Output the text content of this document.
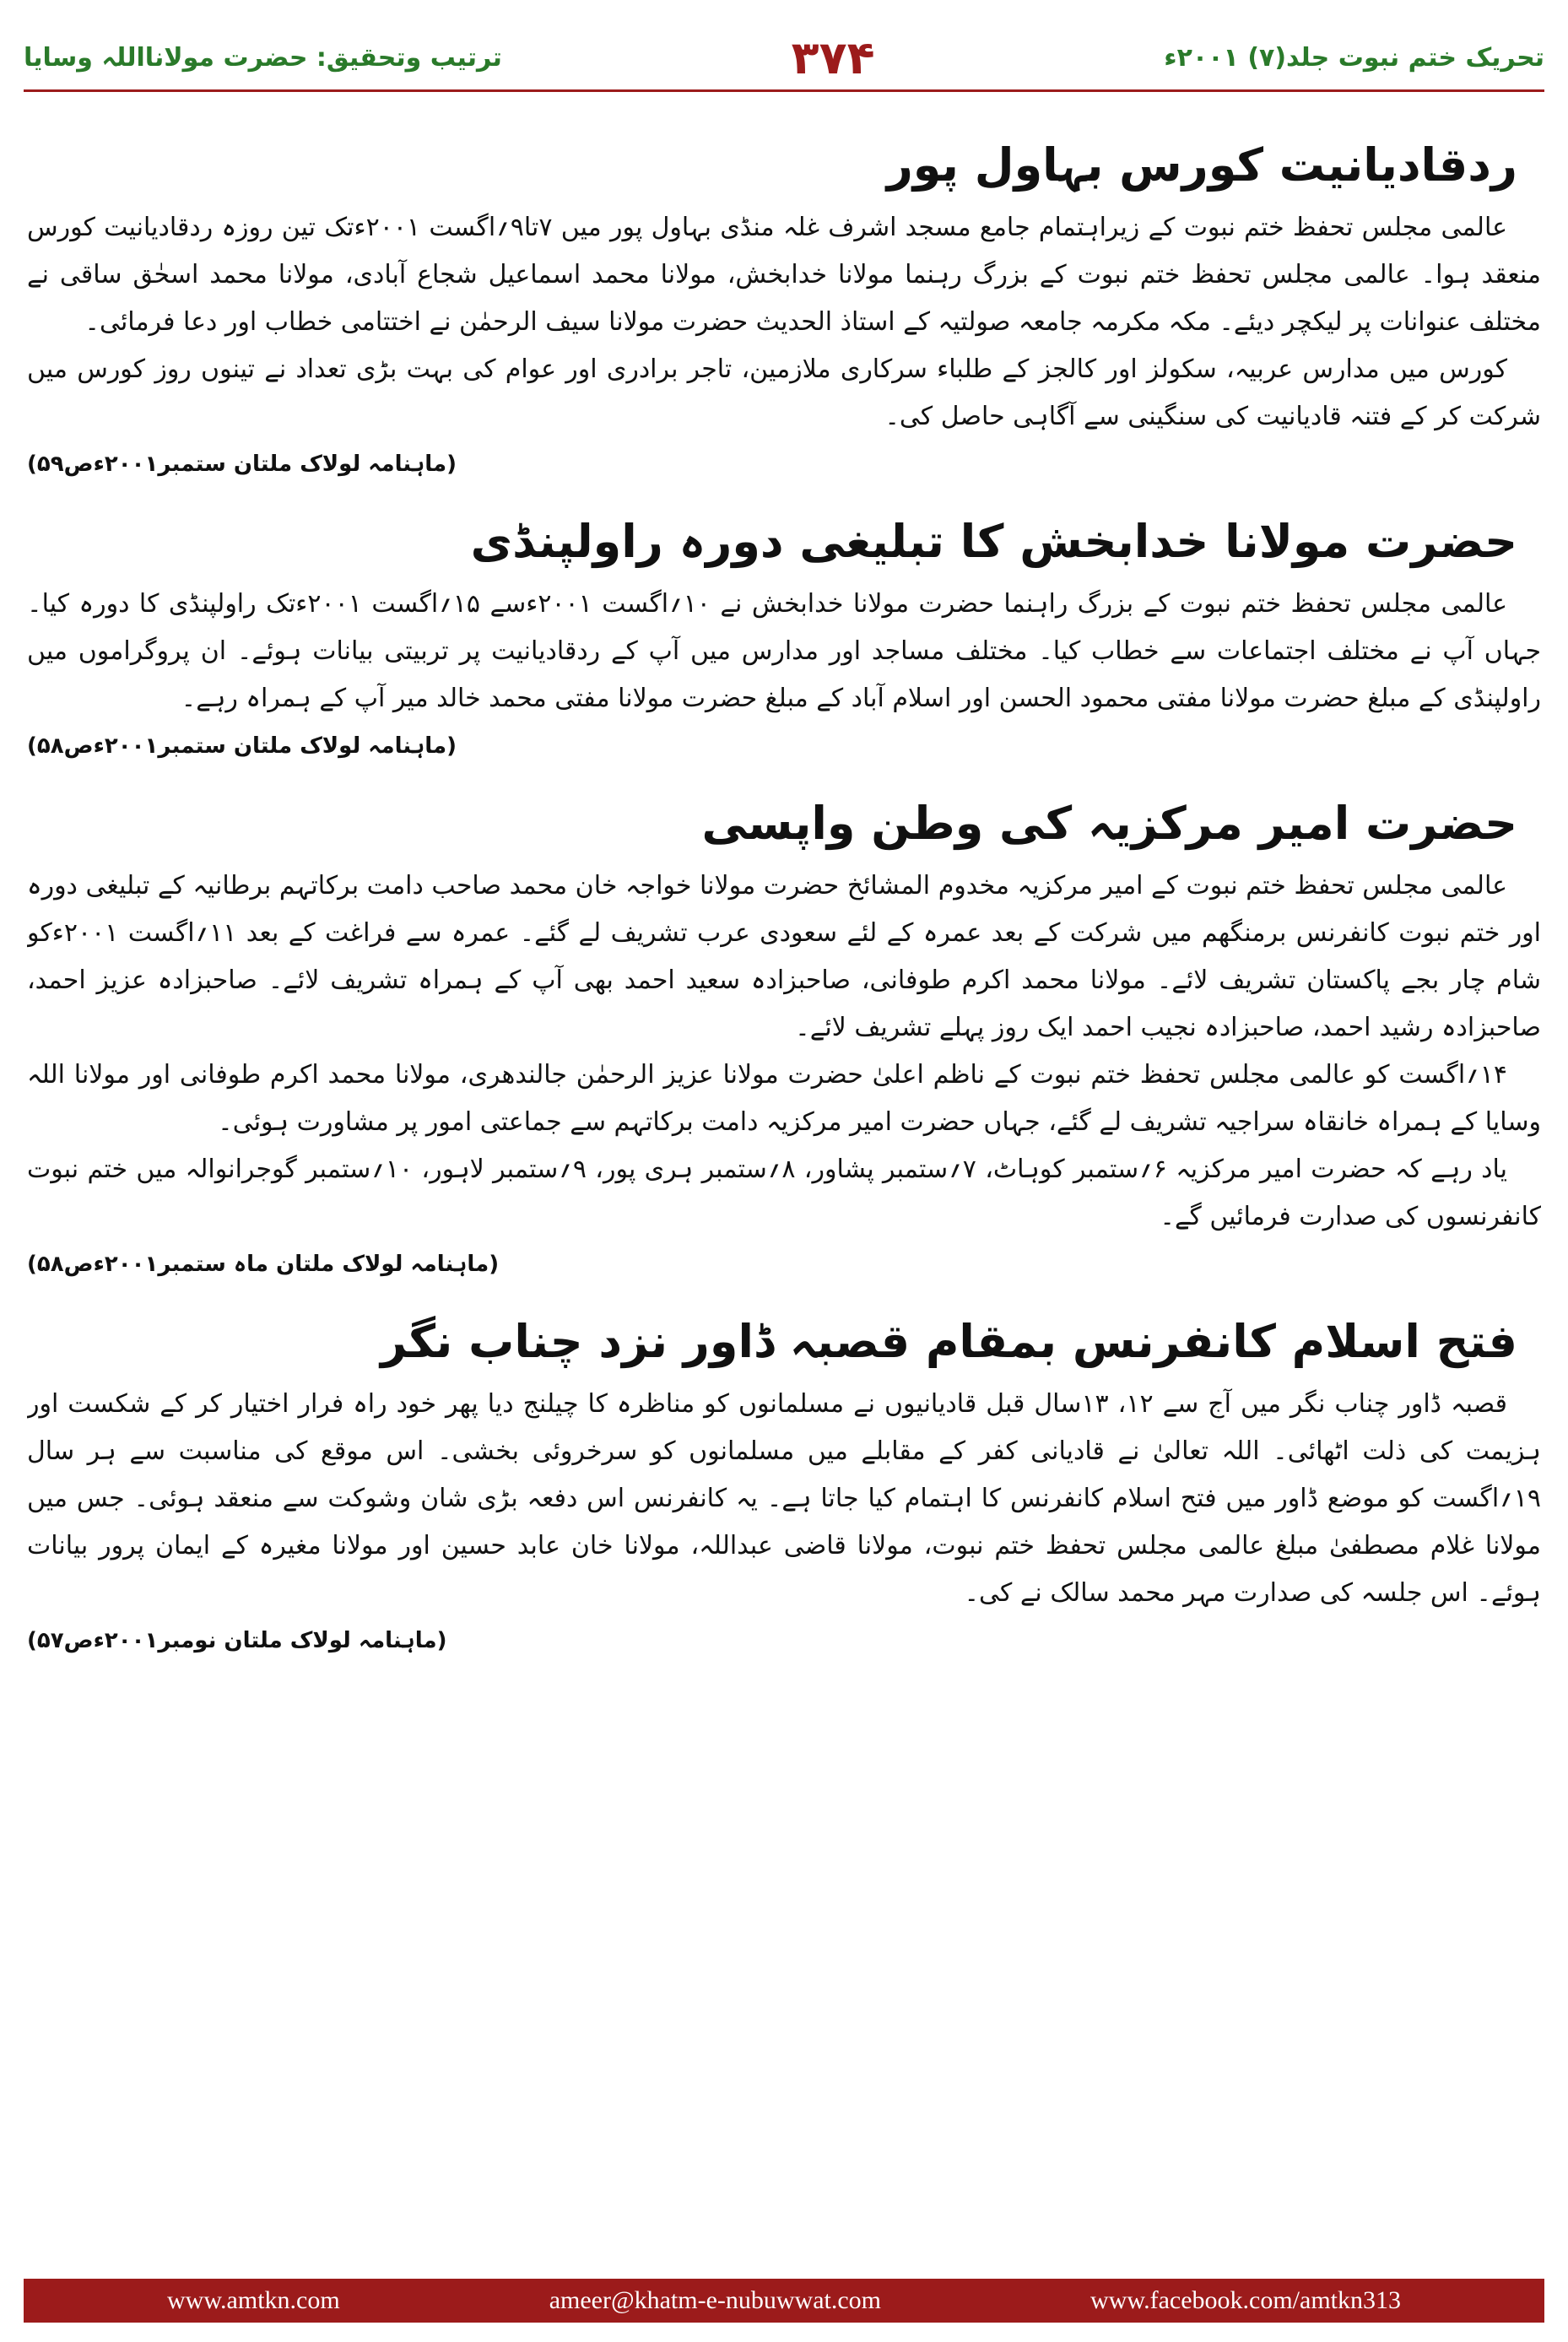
ترتیب وتحقیق: حضرت مولانااللہ وسایا	۳۷۴	تحریک ختم نبوت جلد(۷) ۲۰۰۱ء
ردقادیانیت کورس بہاول پور

عالمی مجلس تحفظ ختم نبوت کے زیراہتمام جامع مسجد اشرف غلہ منڈی بہاول پور میں ۷تا۹؍اگست ۲۰۰۱ءتک تین روزہ ردقادیانیت کورس منعقد ہوا۔ عالمی مجلس تحفظ ختم نبوت کے بزرگ رہنما مولانا خدابخش، مولانا محمد اسماعیل شجاع آبادی، مولانا محمد اسحٰق ساقی نے مختلف عنوانات پر لیکچر دیئے۔ مکہ مکرمہ جامعہ صولتیہ کے استاذ الحدیث حضرت مولانا سیف الرحمٰن نے اختتامی خطاب اور دعا فرمائی۔

کورس میں مدارس عربیہ، سکولز اور کالجز کے طلباء سرکاری ملازمین، تاجر برادری اور عوام کی بہت بڑی تعداد نے تینوں روز کورس میں شرکت کر کے فتنہ قادیانیت کی سنگینی سے آگاہی حاصل کی۔

(ماہنامہ لولاک ملتان ستمبر۲۰۰۱ءص۵۹)

حضرت مولانا خدابخش کا تبلیغی دورہ راولپنڈی

عالمی مجلس تحفظ ختم نبوت کے بزرگ راہنما حضرت مولانا خدابخش نے ۱۰؍اگست ۲۰۰۱ءسے ۱۵؍اگست ۲۰۰۱ءتک راولپنڈی کا دورہ کیا۔ جہاں آپ نے مختلف اجتماعات سے خطاب کیا۔ مختلف مساجد اور مدارس میں آپ کے ردقادیانیت پر تربیتی بیانات ہوئے۔ ان پروگراموں میں راولپنڈی کے مبلغ حضرت مولانا مفتی محمود الحسن اور اسلام آباد کے مبلغ حضرت مولانا مفتی محمد خالد میر آپ کے ہمراہ رہے۔

(ماہنامہ لولاک ملتان ستمبر۲۰۰۱ءص۵۸)

حضرت امیر مرکزیہ کی وطن واپسی

عالمی مجلس تحفظ ختم نبوت کے امیر مرکزیہ مخدوم المشائخ حضرت مولانا خواجہ خان محمد صاحب دامت برکاتہم برطانیہ کے تبلیغی دورہ اور ختم نبوت کانفرنس برمنگھم میں شرکت کے بعد عمرہ کے لئے سعودی عرب تشریف لے گئے۔ عمرہ سے فراغت کے بعد ۱۱؍اگست ۲۰۰۱ءکو شام چار بجے پاکستان تشریف لائے۔ مولانا محمد اکرم طوفانی، صاحبزادہ سعید احمد بھی آپ کے ہمراہ تشریف لائے۔ صاحبزادہ عزیز احمد، صاحبزادہ رشید احمد، صاحبزادہ نجیب احمد ایک روز پہلے تشریف لائے۔

۱۴؍اگست کو عالمی مجلس تحفظ ختم نبوت کے ناظم اعلیٰ حضرت مولانا عزیز الرحمٰن جالندھری، مولانا محمد اکرم طوفانی اور مولانا اللہ وسایا کے ہمراہ خانقاہ سراجیہ تشریف لے گئے، جہاں حضرت امیر مرکزیہ دامت برکاتہم سے جماعتی امور پر مشاورت ہوئی۔

یاد رہے کہ حضرت امیر مرکزیہ ۶؍ستمبر کوہاٹ، ۷؍ستمبر پشاور، ۸؍ستمبر ہری پور، ۹؍ستمبر لاہور، ۱۰؍ستمبر گوجرانوالہ میں ختم نبوت کانفرنسوں کی صدارت فرمائیں گے۔

(ماہنامہ لولاک ملتان ماہ ستمبر۲۰۰۱ءص۵۸)

فتح اسلام کانفرنس بمقام قصبہ ڈاور نزد چناب نگر

قصبہ ڈاور چناب نگر میں آج سے ۱۲، ۱۳سال قبل قادیانیوں نے مسلمانوں کو مناظرہ کا چیلنج دیا پھر خود راہ فرار اختیار کر کے شکست اور ہزیمت کی ذلت اٹھائی۔ اللہ تعالیٰ نے قادیانی کفر کے مقابلے میں مسلمانوں کو سرخروئی بخشی۔ اس موقع کی مناسبت سے ہر سال ۱۹؍اگست کو موضع ڈاور میں فتح اسلام کانفرنس کا اہتمام کیا جاتا ہے۔ یہ کانفرنس اس دفعہ بڑی شان وشوکت سے منعقد ہوئی۔ جس میں مولانا غلام مصطفیٰ مبلغ عالمی مجلس تحفظ ختم نبوت، مولانا قاضی عبداللہ، مولانا خان عابد حسین اور مولانا مغیرہ کے ایمان پرور بیانات ہوئے۔ اس جلسہ کی صدارت مہر محمد سالک نے کی۔

(ماہنامہ لولاک ملتان نومبر۲۰۰۱ءص۵۷)

www.amtkn.com	ameer@khatm-e-nubuwwat.com	www.facebook.com/amtkn313
